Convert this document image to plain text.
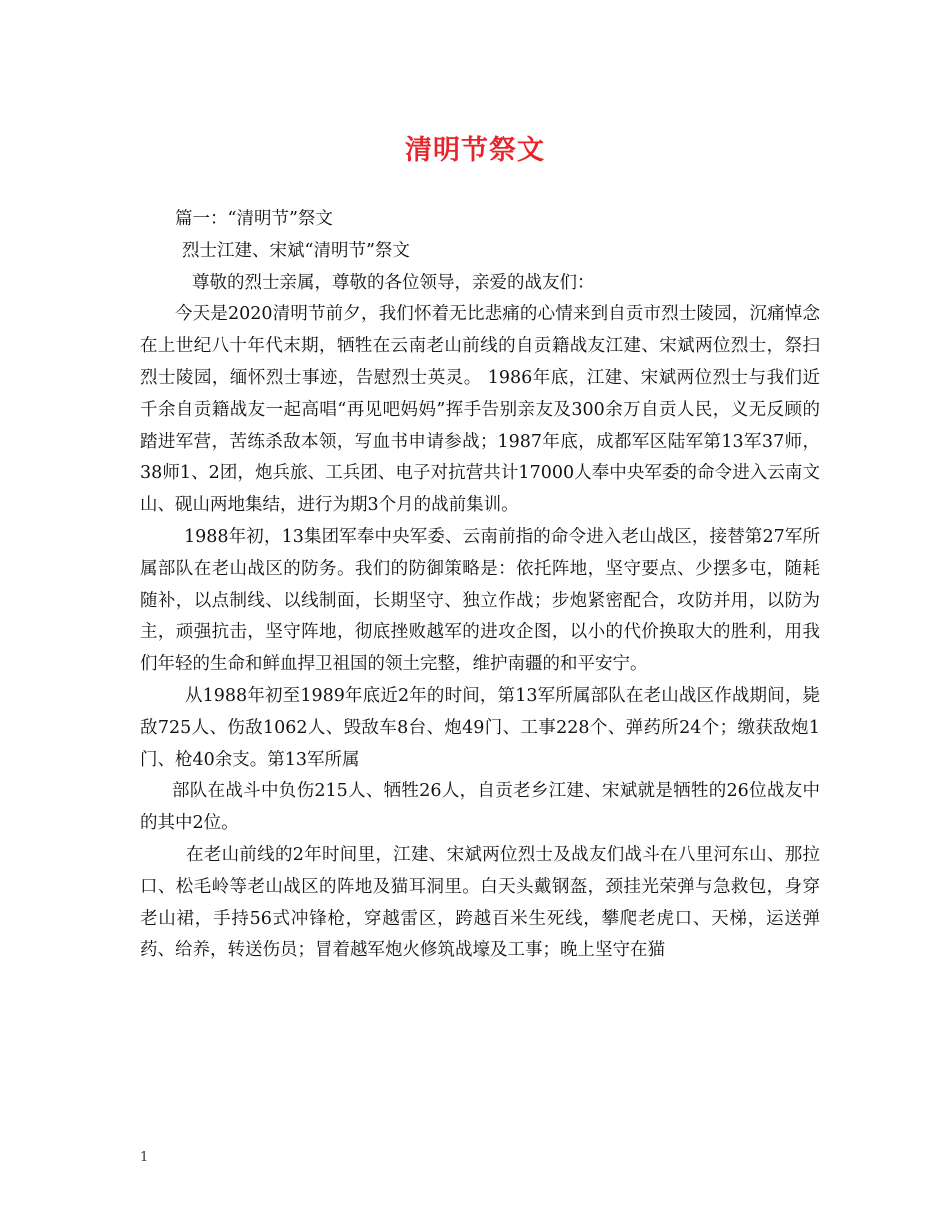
清明节祭文

篇一：“清明节”祭文

烈士江建、宋斌“清明节”祭文

尊敬的烈士亲属，尊敬的各位领导，亲爱的战友们：

今天是2020清明节前夕，我们怀着无比悲痛的心情来到自贡市烈士陵园，沉痛悼念在上世纪八十年代末期，牺牲在云南老山前线的自贡籍战友江建、宋斌两位烈士，祭扫烈士陵园，缅怀烈士事迹，告慰烈士英灵。 1986年底，江建、宋斌两位烈士与我们近千余自贡籍战友一起高唱“再见吧妈妈”挥手告别亲友及300余万自贡人民，义无反顾的踏进军营，苦练杀敌本领，写血书申请参战；1987年底，成都军区陆军第13军37师，38师1、2团，炮兵旅、工兵团、电子对抗营共计17000人奉中央军委的命令进入云南文山、砚山两地集结，进行为期3个月的战前集训。

1988年初，13集团军奉中央军委、云南前指的命令进入老山战区，接替第27军所属部队在老山战区的防务。我们的防御策略是：依托阵地，坚守要点、少摆多屯，随耗随补，以点制线、以线制面，长期坚守、独立作战；步炮紧密配合，攻防并用，以防为主，顽强抗击，坚守阵地，彻底挫败越军的进攻企图，以小的代价换取大的胜利，用我们年轻的生命和鲜血捍卫祖国的领土完整，维护南疆的和平安宁。

从1988年初至1989年底近2年的时间，第13军所属部队在老山战区作战期间，毙敌725人、伤敌1062人、毁敌车8台、炮49门、工事228个、弹药所24个；缴获敌炮1门、枪40余支。第13军所属

部队在战斗中负伤215人、牺牲26人，自贡老乡江建、宋斌就是牺牲的26位战友中的其中2位。

在老山前线的2年时间里，江建、宋斌两位烈士及战友们战斗在八里河东山、那拉口、松毛岭等老山战区的阵地及猫耳洞里。白天头戴钢盔，颈挂光荣弹与急救包，身穿老山裙，手持56式冲锋枪，穿越雷区，跨越百米生死线，攀爬老虎口、天梯，运送弹药、给养，转送伤员；冒着越军炮火修筑战壕及工事；晚上坚守在猫

1
